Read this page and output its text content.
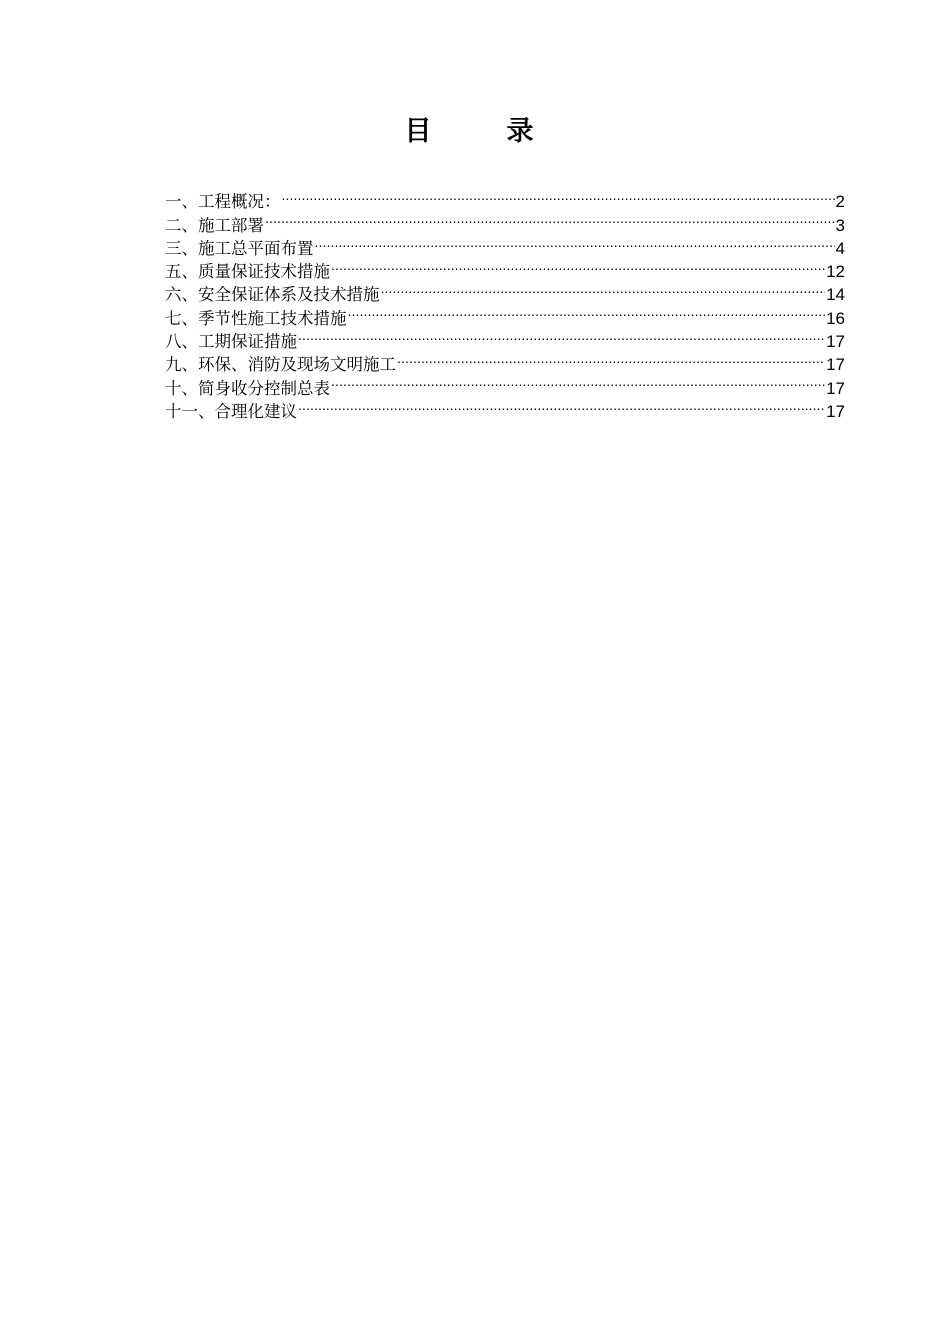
目　录
一、工程概况： .....	2
二、施工部署 .....	3
三、施工总平面布置 .....	4
五、质量保证技术措施 .....	12
六、安全保证体系及技术措施 .....	14
七、季节性施工技术措施 .....	16
八、工期保证措施 .....	17
九、环保、消防及现场文明施工 .....	17
十、简身收分控制总表 .....	17
十一、合理化建议 .....	17
